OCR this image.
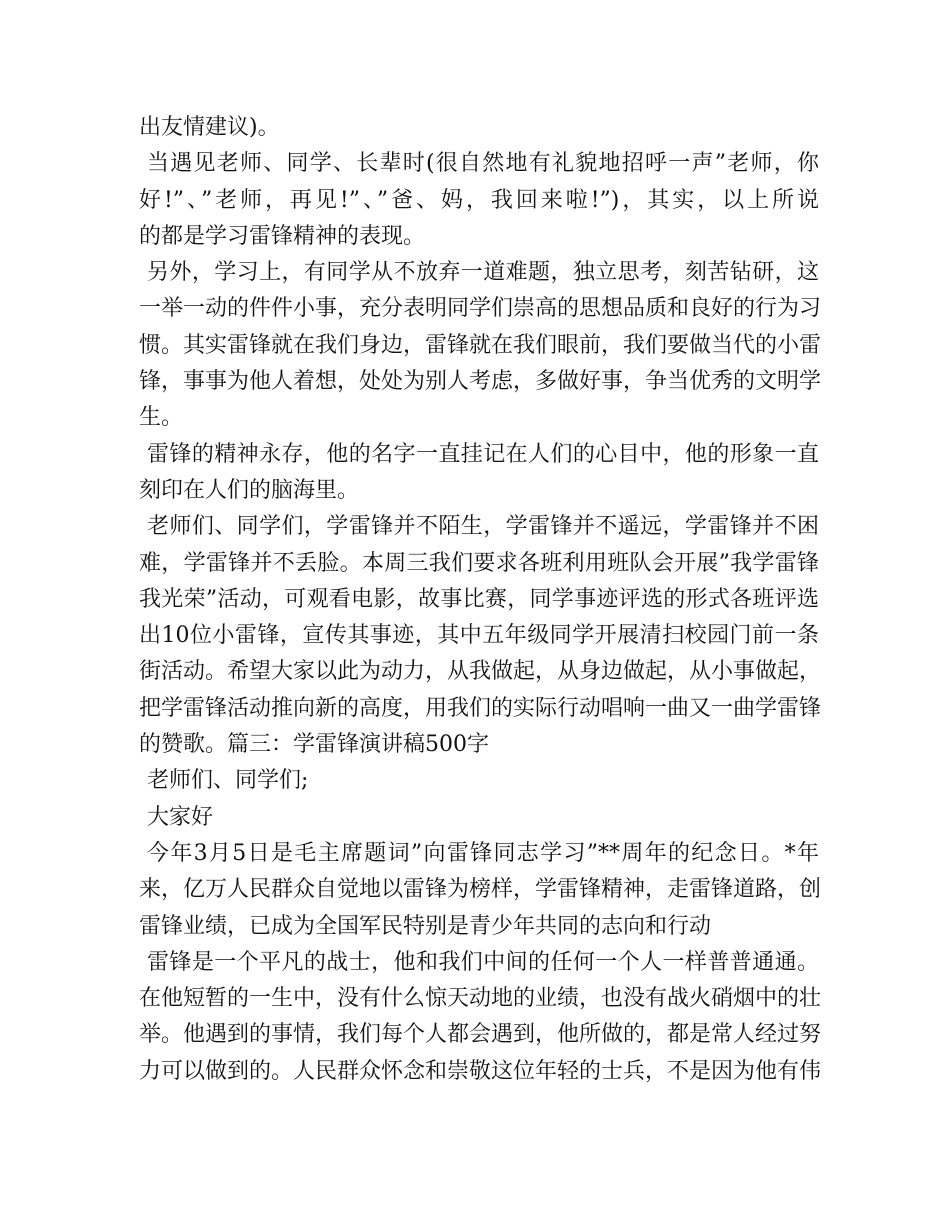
出友情建议)。
当遇见老师、同学、长辈时(很自然地有礼貌地招呼一声”老师，你
好!”、”老师，再见!”、”爸、妈，我回来啦!”)，其实，以上所说
的都是学习雷锋精神的表现。
另外，学习上，有同学从不放弃一道难题，独立思考，刻苦钻研，这
一举一动的件件小事，充分表明同学们崇高的思想品质和良好的行为习
惯。其实雷锋就在我们身边，雷锋就在我们眼前，我们要做当代的小雷
锋，事事为他人着想，处处为别人考虑，多做好事，争当优秀的文明学
生。
雷锋的精神永存，他的名字一直挂记在人们的心目中，他的形象一直
刻印在人们的脑海里。
老师们、同学们，学雷锋并不陌生，学雷锋并不遥远，学雷锋并不困
难，学雷锋并不丢脸。本周三我们要求各班利用班队会开展”我学雷锋
我光荣”活动，可观看电影，故事比赛，同学事迹评选的形式各班评选
出10位小雷锋，宣传其事迹，其中五年级同学开展清扫校园门前一条
街活动。希望大家以此为动力，从我做起，从身边做起，从小事做起，
把学雷锋活动推向新的高度，用我们的实际行动唱响一曲又一曲学雷锋
的赞歌。篇三：学雷锋演讲稿500字
老师们、同学们;
大家好
今年3月5日是毛主席题词”向雷锋同志学习”**周年的纪念日。*年
来，亿万人民群众自觉地以雷锋为榜样，学雷锋精神，走雷锋道路，创
雷锋业绩，已成为全国军民特别是青少年共同的志向和行动
雷锋是一个平凡的战士，他和我们中间的任何一个人一样普普通通。
在他短暂的一生中，没有什么惊天动地的业绩，也没有战火硝烟中的壮
举。他遇到的事情，我们每个人都会遇到，他所做的，都是常人经过努
力可以做到的。人民群众怀念和崇敬这位年轻的士兵，不是因为他有伟
